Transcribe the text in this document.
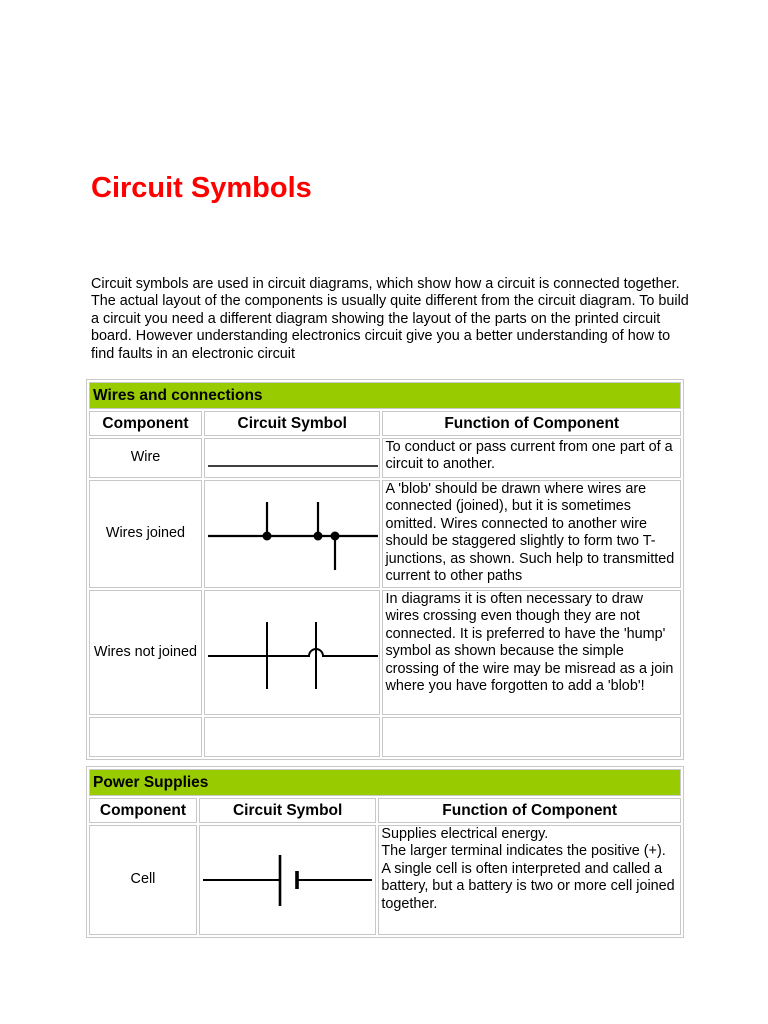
Circuit Symbols

Circuit symbols are used in circuit diagrams, which show how a circuit is connected together. The actual layout of the components is usually quite different from the circuit diagram. To build a circuit you need a different diagram showing the layout of the parts on the printed circuit board. However understanding electronics circuit give you a better understanding of how to find faults in an electronic circuit

Wires and connections		
Component	Circuit Symbol	Function of Component
Wire		To conduct or pass current from one part of a circuit to another.
Wires joined		A 'blob' should be drawn where wires are connected (joined), but it is sometimes omitted. Wires connected to another wire should be staggered slightly to form two T-junctions, as shown. Such help to transmitted current to other paths
Wires not joined		In diagrams it is often necessary to draw wires crossing even though they are not connected. It is preferred to have the 'hump' symbol as shown because the simple crossing of the wire may be misread as a join where you have forgotten to add a 'blob'!

Power Supplies		
Component	Circuit Symbol	Function of Component
Cell		Supplies electrical energy.
The larger terminal indicates the positive (+).
A single cell is often interpreted and called a battery, but a battery is two or more cell joined together.
